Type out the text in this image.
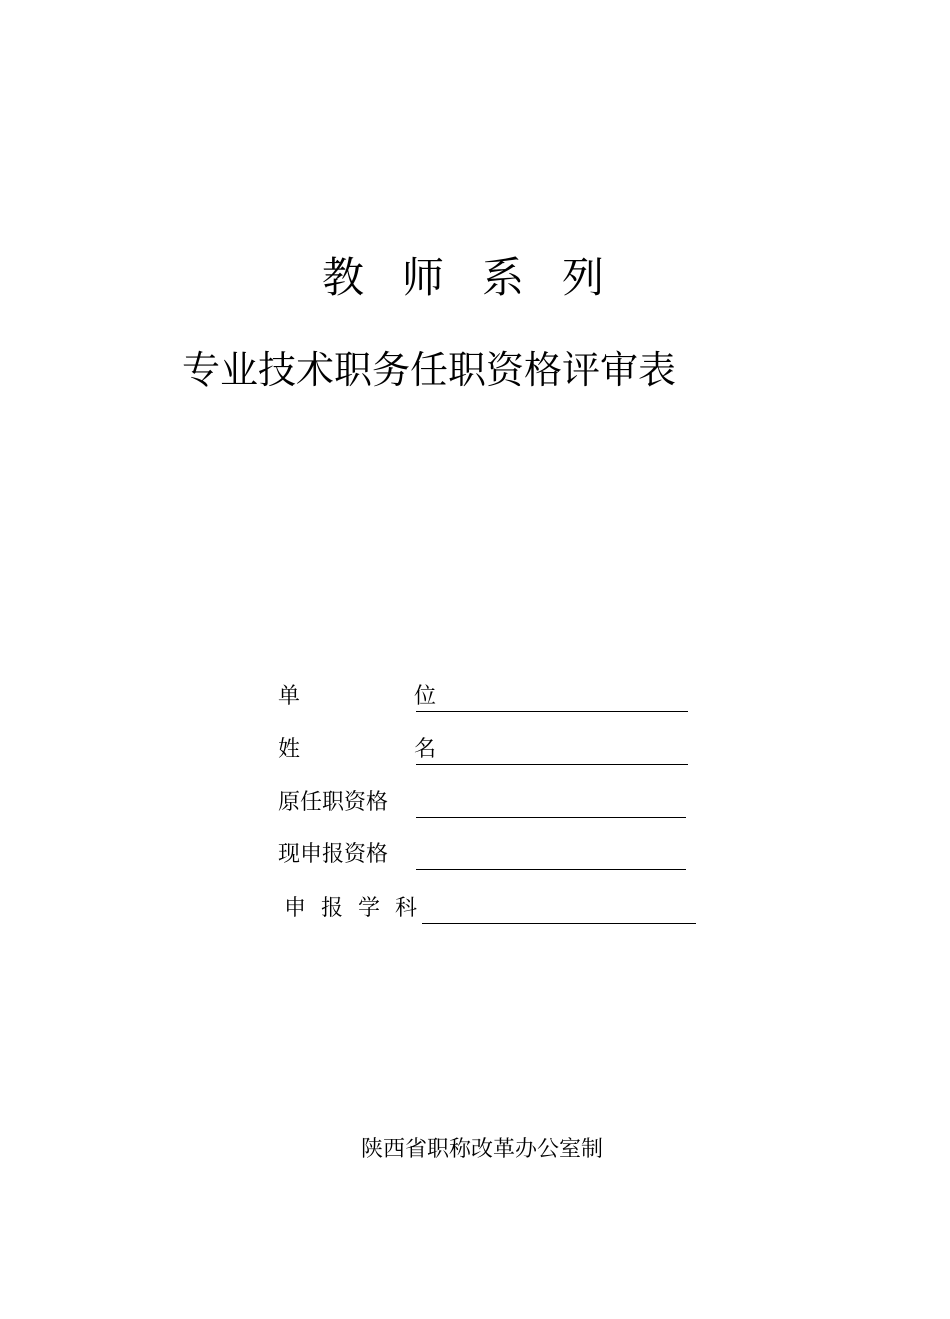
教师系列
专业技术职务任职资格评审表
单　　　位
姓　　　名
原任职资格
现申报资格
申 报 学 科
陕西省职称改革办公室制
